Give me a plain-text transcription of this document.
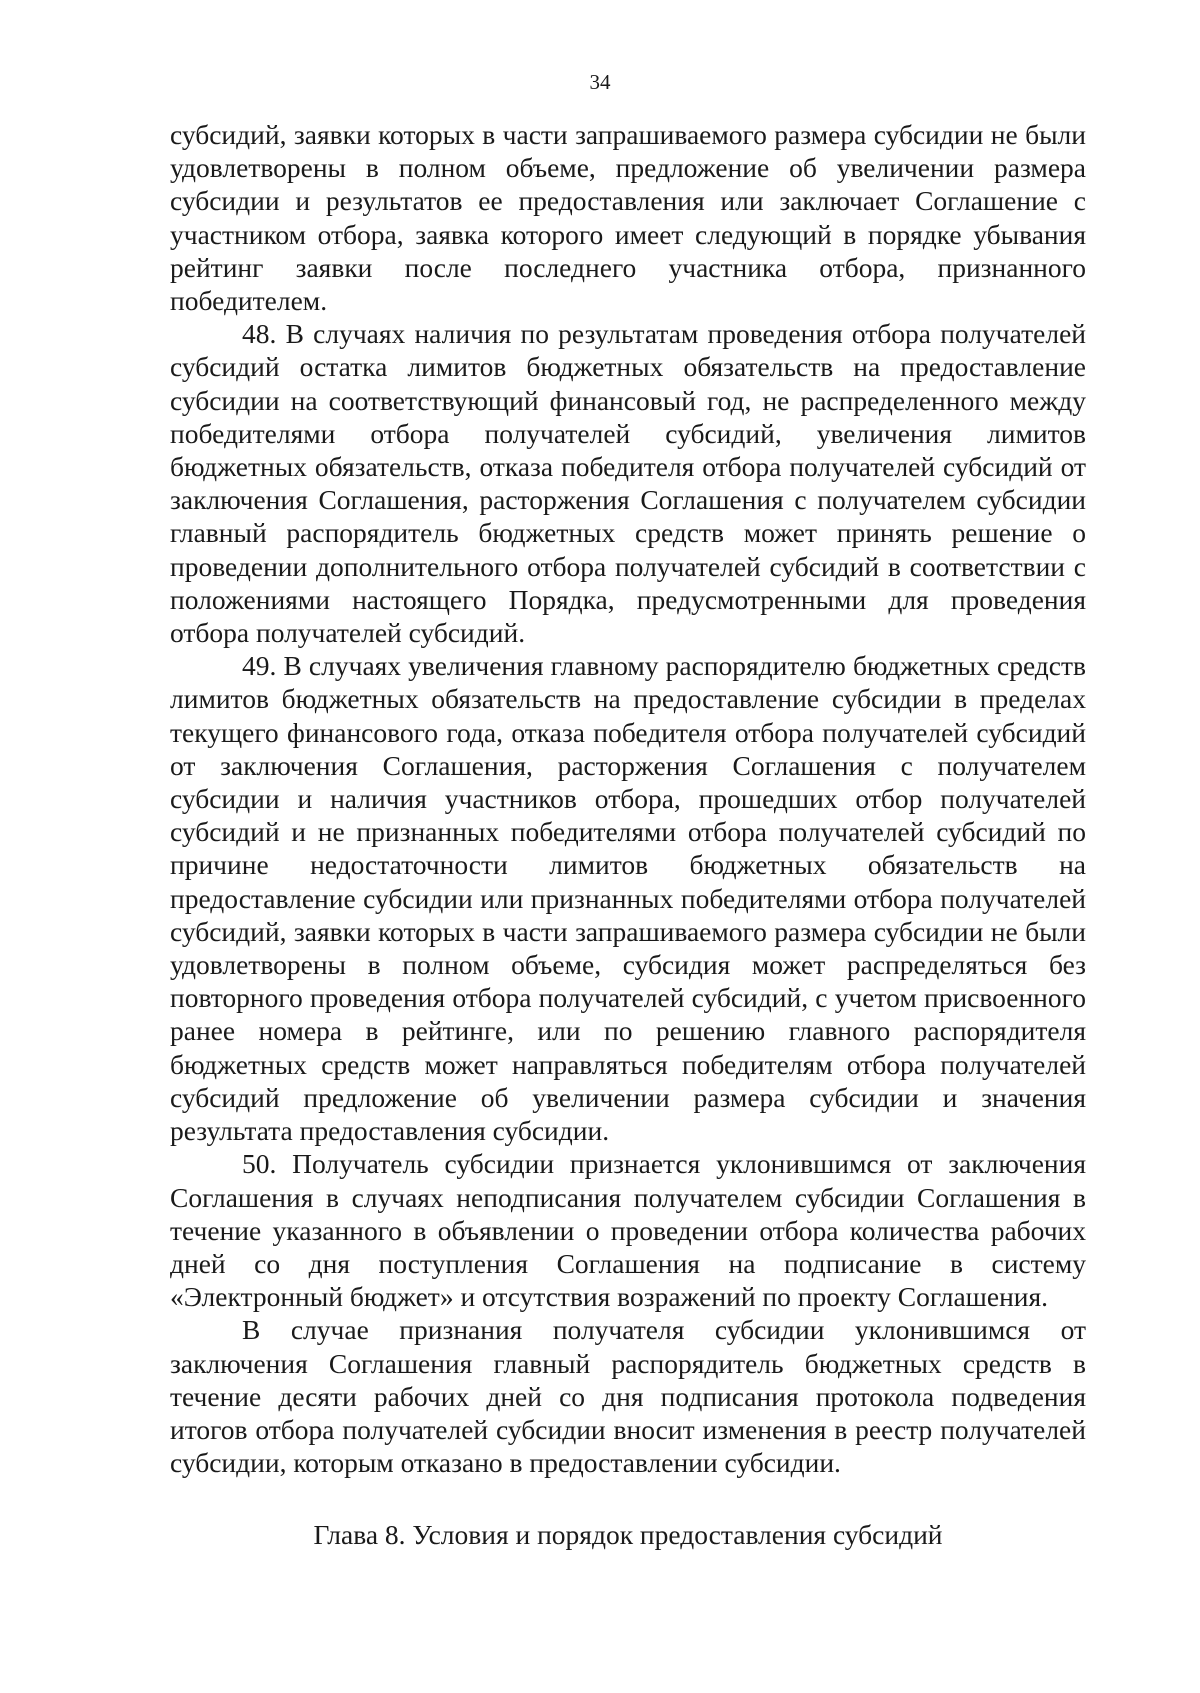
34

субсидий, заявки которых в части запрашиваемого размера субсидии не были удовлетворены в полном объеме, предложение об увеличении размера субсидии и результатов ее предоставления или заключает Соглашение с участником отбора, заявка которого имеет следующий в порядке убывания рейтинг заявки после последнего участника отбора, признанного победителем.

48. В случаях наличия по результатам проведения отбора получателей субсидий остатка лимитов бюджетных обязательств на предоставление субсидии на соответствующий финансовый год, не распределенного между победителями отбора получателей субсидий, увеличения лимитов бюджетных обязательств, отказа победителя отбора получателей субсидий от заключения Соглашения, расторжения Соглашения с получателем субсидии главный распорядитель бюджетных средств может принять решение о проведении дополнительного отбора получателей субсидий в соответствии с положениями настоящего Порядка, предусмотренными для проведения отбора получателей субсидий.

49. В случаях увеличения главному распорядителю бюджетных средств лимитов бюджетных обязательств на предоставление субсидии в пределах текущего финансового года, отказа победителя отбора получателей субсидий от заключения Соглашения, расторжения Соглашения с получателем субсидии и наличия участников отбора, прошедших отбор получателей субсидий и не признанных победителями отбора получателей субсидий по причине недостаточности лимитов бюджетных обязательств на предоставление субсидии или признанных победителями отбора получателей субсидий, заявки которых в части запрашиваемого размера субсидии не были удовлетворены в полном объеме, субсидия может распределяться без повторного проведения отбора получателей субсидий, с учетом присвоенного ранее номера в рейтинге, или по решению главного распорядителя бюджетных средств может направляться победителям отбора получателей субсидий предложение об увеличении размера субсидии и значения результата предоставления субсидии.

50. Получатель субсидии признается уклонившимся от заключения Соглашения в случаях неподписания получателем субсидии Соглашения в течение указанного в объявлении о проведении отбора количества рабочих дней со дня поступления Соглашения на подписание в систему «Электронный бюджет» и отсутствия возражений по проекту Соглашения.

В случае признания получателя субсидии уклонившимся от заключения Соглашения главный распорядитель бюджетных средств в течение десяти рабочих дней со дня подписания протокола подведения итогов отбора получателей субсидии вносит изменения в реестр получателей субсидии, которым отказано в предоставлении субсидии.

Глава 8. Условия и порядок предоставления субсидий
